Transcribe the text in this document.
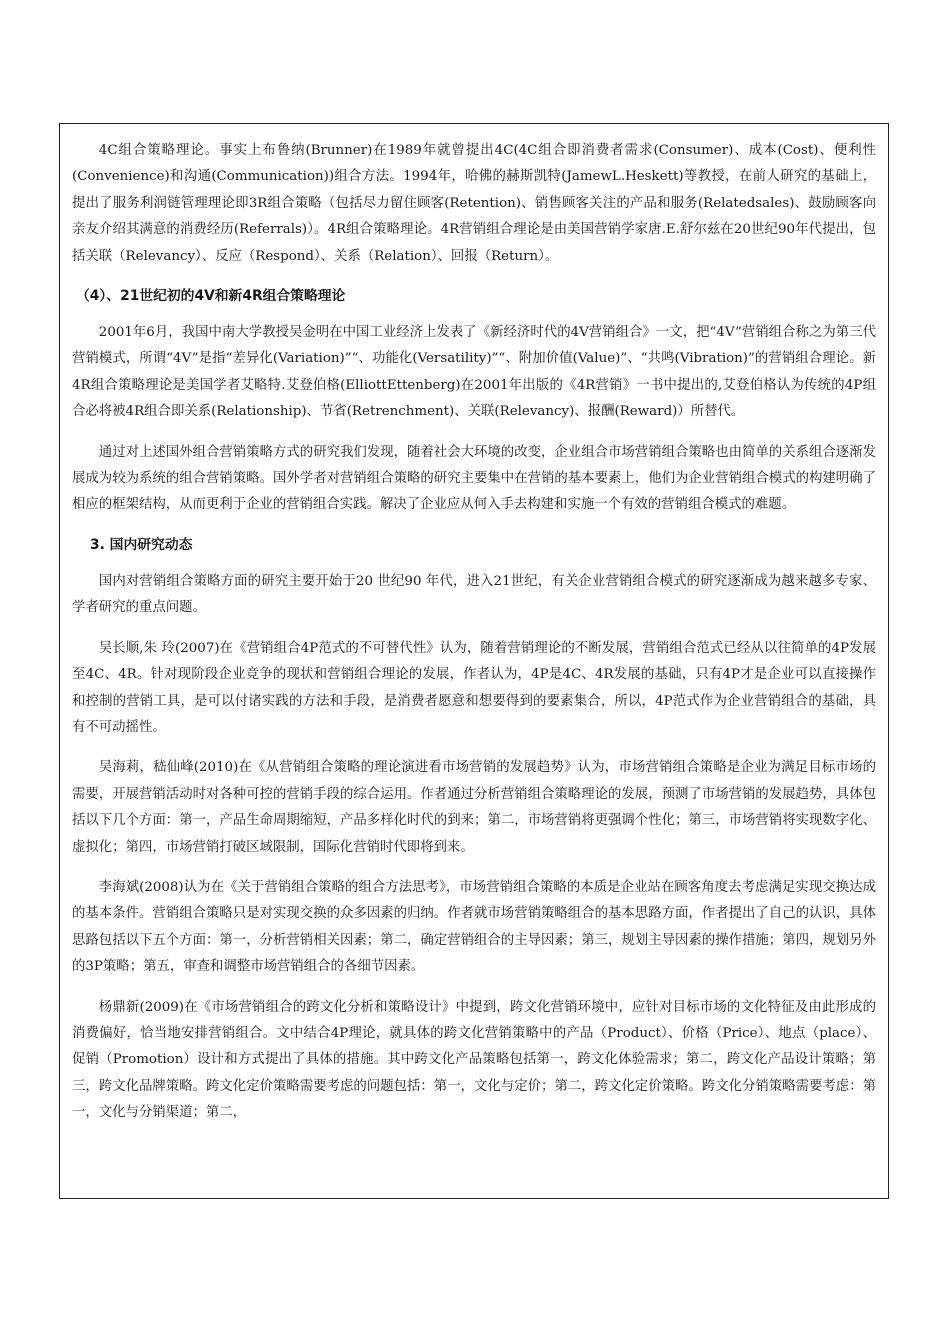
4C组合策略理论。事实上布鲁纳(Brunner)在1989年就曾提出4C(4C组合即消费者需求(Consumer)、成本(Cost)、便利性(Convenience)和沟通(Communication))组合方法。1994年，哈佛的赫斯凯特(JamewL.Heskett)等教授，在前人研究的基础上，提出了服务利润链管理理论即3R组合策略（包括尽力留住顾客(Retention)、销售顾客关注的产品和服务(Relatedsales)、鼓励顾客向亲友介绍其满意的消费经历(Referrals)）。4R组合策略理论。4R营销组合理论是由美国营销学家唐.E.舒尔兹在20世纪90年代提出，包括关联（Relevancy）、反应（Respond）、关系（Relation）、回报（Return）。

（4）、21世纪初的4V和新4R组合策略理论

2001年6月，我国中南大学教授吴金明在中国工业经济上发表了《新经济时代的4V营销组合》一文，把“4V”营销组合称之为第三代营销模式，所谓“4V”是指“差异化(Variation)”“、功能化(Versatility)”“、附加价值(Value)”、“共鸣(Vibration)”的营销组合理论。新4R组合策略理论是美国学者艾略特.艾登伯格(ElliottEttenberg)在2001年出版的《4R营销》一书中提出的,艾登伯格认为传统的4P组合必将被4R组合即关系(Relationship)、节省(Retrenchment)、关联(Relevancy)、报酬(Reward)）所替代。

通过对上述国外组合营销策略方式的研究我们发现，随着社会大环境的改变，企业组合市场营销组合策略也由简单的关系组合逐渐发展成为较为系统的组合营销策略。国外学者对营销组合策略的研究主要集中在营销的基本要素上，他们为企业营销组合模式的构建明确了相应的框架结构，从而更利于企业的营销组合实践。解决了企业应从何入手去构建和实施一个有效的营销组合模式的难题。

3. 国内研究动态

国内对营销组合策略方面的研究主要开始于20 世纪90 年代，进入21世纪，有关企业营销组合模式的研究逐渐成为越来越多专家、学者研究的重点问题。

吴长顺,朱 玲(2007)在《营销组合4P范式的不可替代性》认为，随着营销理论的不断发展，营销组合范式已经从以往简单的4P发展至4C、4R。针对现阶段企业竞争的现状和营销组合理论的发展，作者认为，4P是4C、4R发展的基础，只有4P才是企业可以直接操作和控制的营销工具，是可以付诸实践的方法和手段，是消费者愿意和想要得到的要素集合，所以，4P范式作为企业营销组合的基础，具有不可动摇性。

吴海莉，嵇仙峰(2010)在《从营销组合策略的理论演进看市场营销的发展趋势》认为，市场营销组合策略是企业为满足目标市场的需要，开展营销活动时对各种可控的营销手段的综合运用。作者通过分析营销组合策略理论的发展，预测了市场营销的发展趋势，具体包括以下几个方面：第一，产品生命周期缩短，产品多样化时代的到来；第二，市场营销将更强调个性化；第三，市场营销将实现数字化、虚拟化；第四，市场营销打破区域限制，国际化营销时代即将到来。

李海斌(2008)认为在《关于营销组合策略的组合方法思考》，市场营销组合策略的本质是企业站在顾客角度去考虑满足实现交换达成的基本条件。营销组合策略只是对实现交换的众多因素的归纳。作者就市场营销策略组合的基本思路方面，作者提出了自己的认识，具体思路包括以下五个方面：第一，分析营销相关因素；第二，确定营销组合的主导因素；第三，规划主导因素的操作措施；第四，规划另外的3P策略；第五，审查和调整市场营销组合的各细节因素。

杨鼎新(2009)在《市场营销组合的跨文化分析和策略设计》中提到，跨文化营销环境中，应针对目标市场的文化特征及由此形成的消费偏好，恰当地安排营销组合。文中结合4P理论，就具体的跨文化营销策略中的产品（Product）、价格（Price）、地点（place）、促销（Promotion）设计和方式提出了具体的措施。其中跨文化产品策略包括第一，跨文化体验需求；第二，跨文化产品设计策略；第三，跨文化品牌策略。跨文化定价策略需要考虑的问题包括：第一，文化与定价；第二，跨文化定价策略。跨文化分销策略需要考虑：第一，文化与分销渠道；第二，
